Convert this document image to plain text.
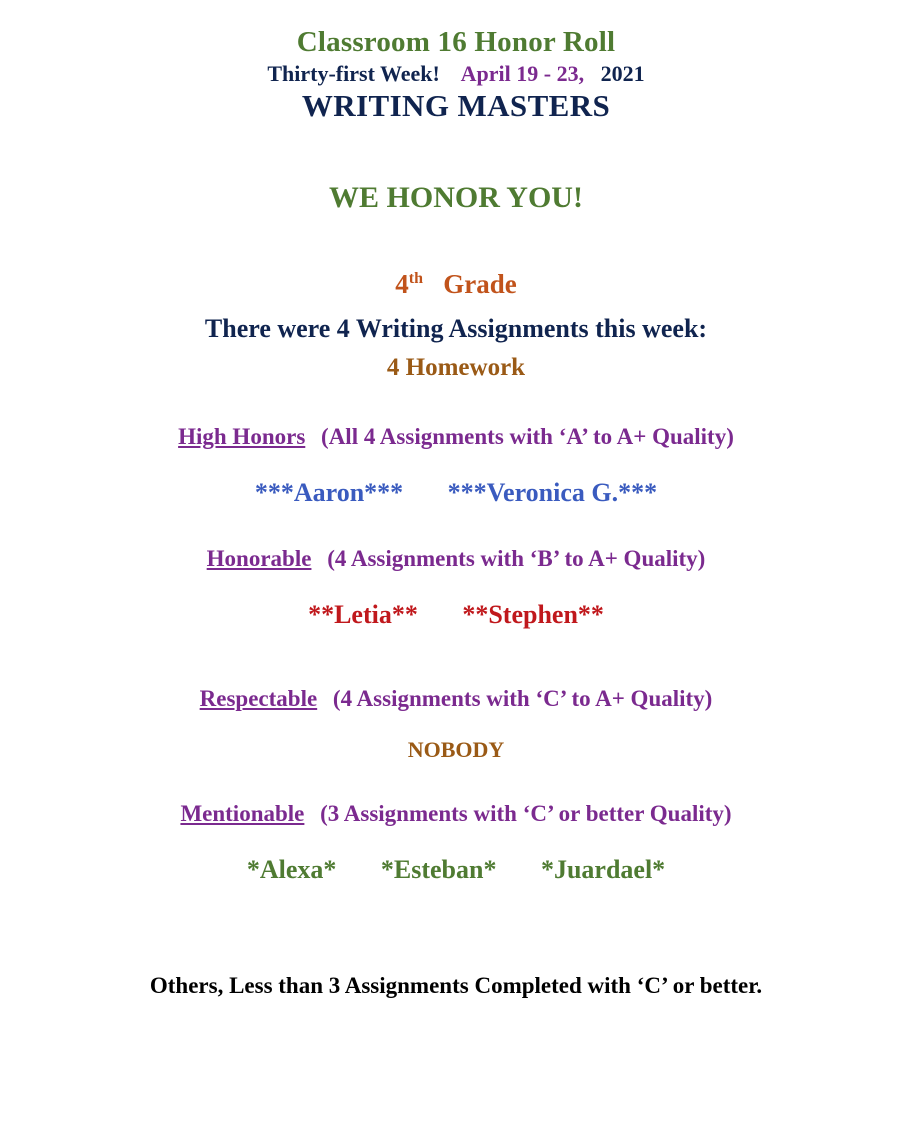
Classroom 16 Honor Roll
Thirty-first Week! April 19 - 23, 2021
WRITING MASTERS
WE HONOR YOU!
4th Grade
There were 4 Writing Assignments this week:
4 Homework
High Honors (All 4 Assignments with ‘A’ to A+ Quality)
***Aaron*** ***Veronica G.***
Honorable (4 Assignments with ‘B’ to A+ Quality)
**Letia** **Stephen**
Respectable (4 Assignments with ‘C’ to A+ Quality)
NOBODY
Mentionable (3 Assignments with ‘C’ or better Quality)
*Alexa* *Esteban* *Juardael*
Others, Less than 3 Assignments Completed with ‘C’ or better.
